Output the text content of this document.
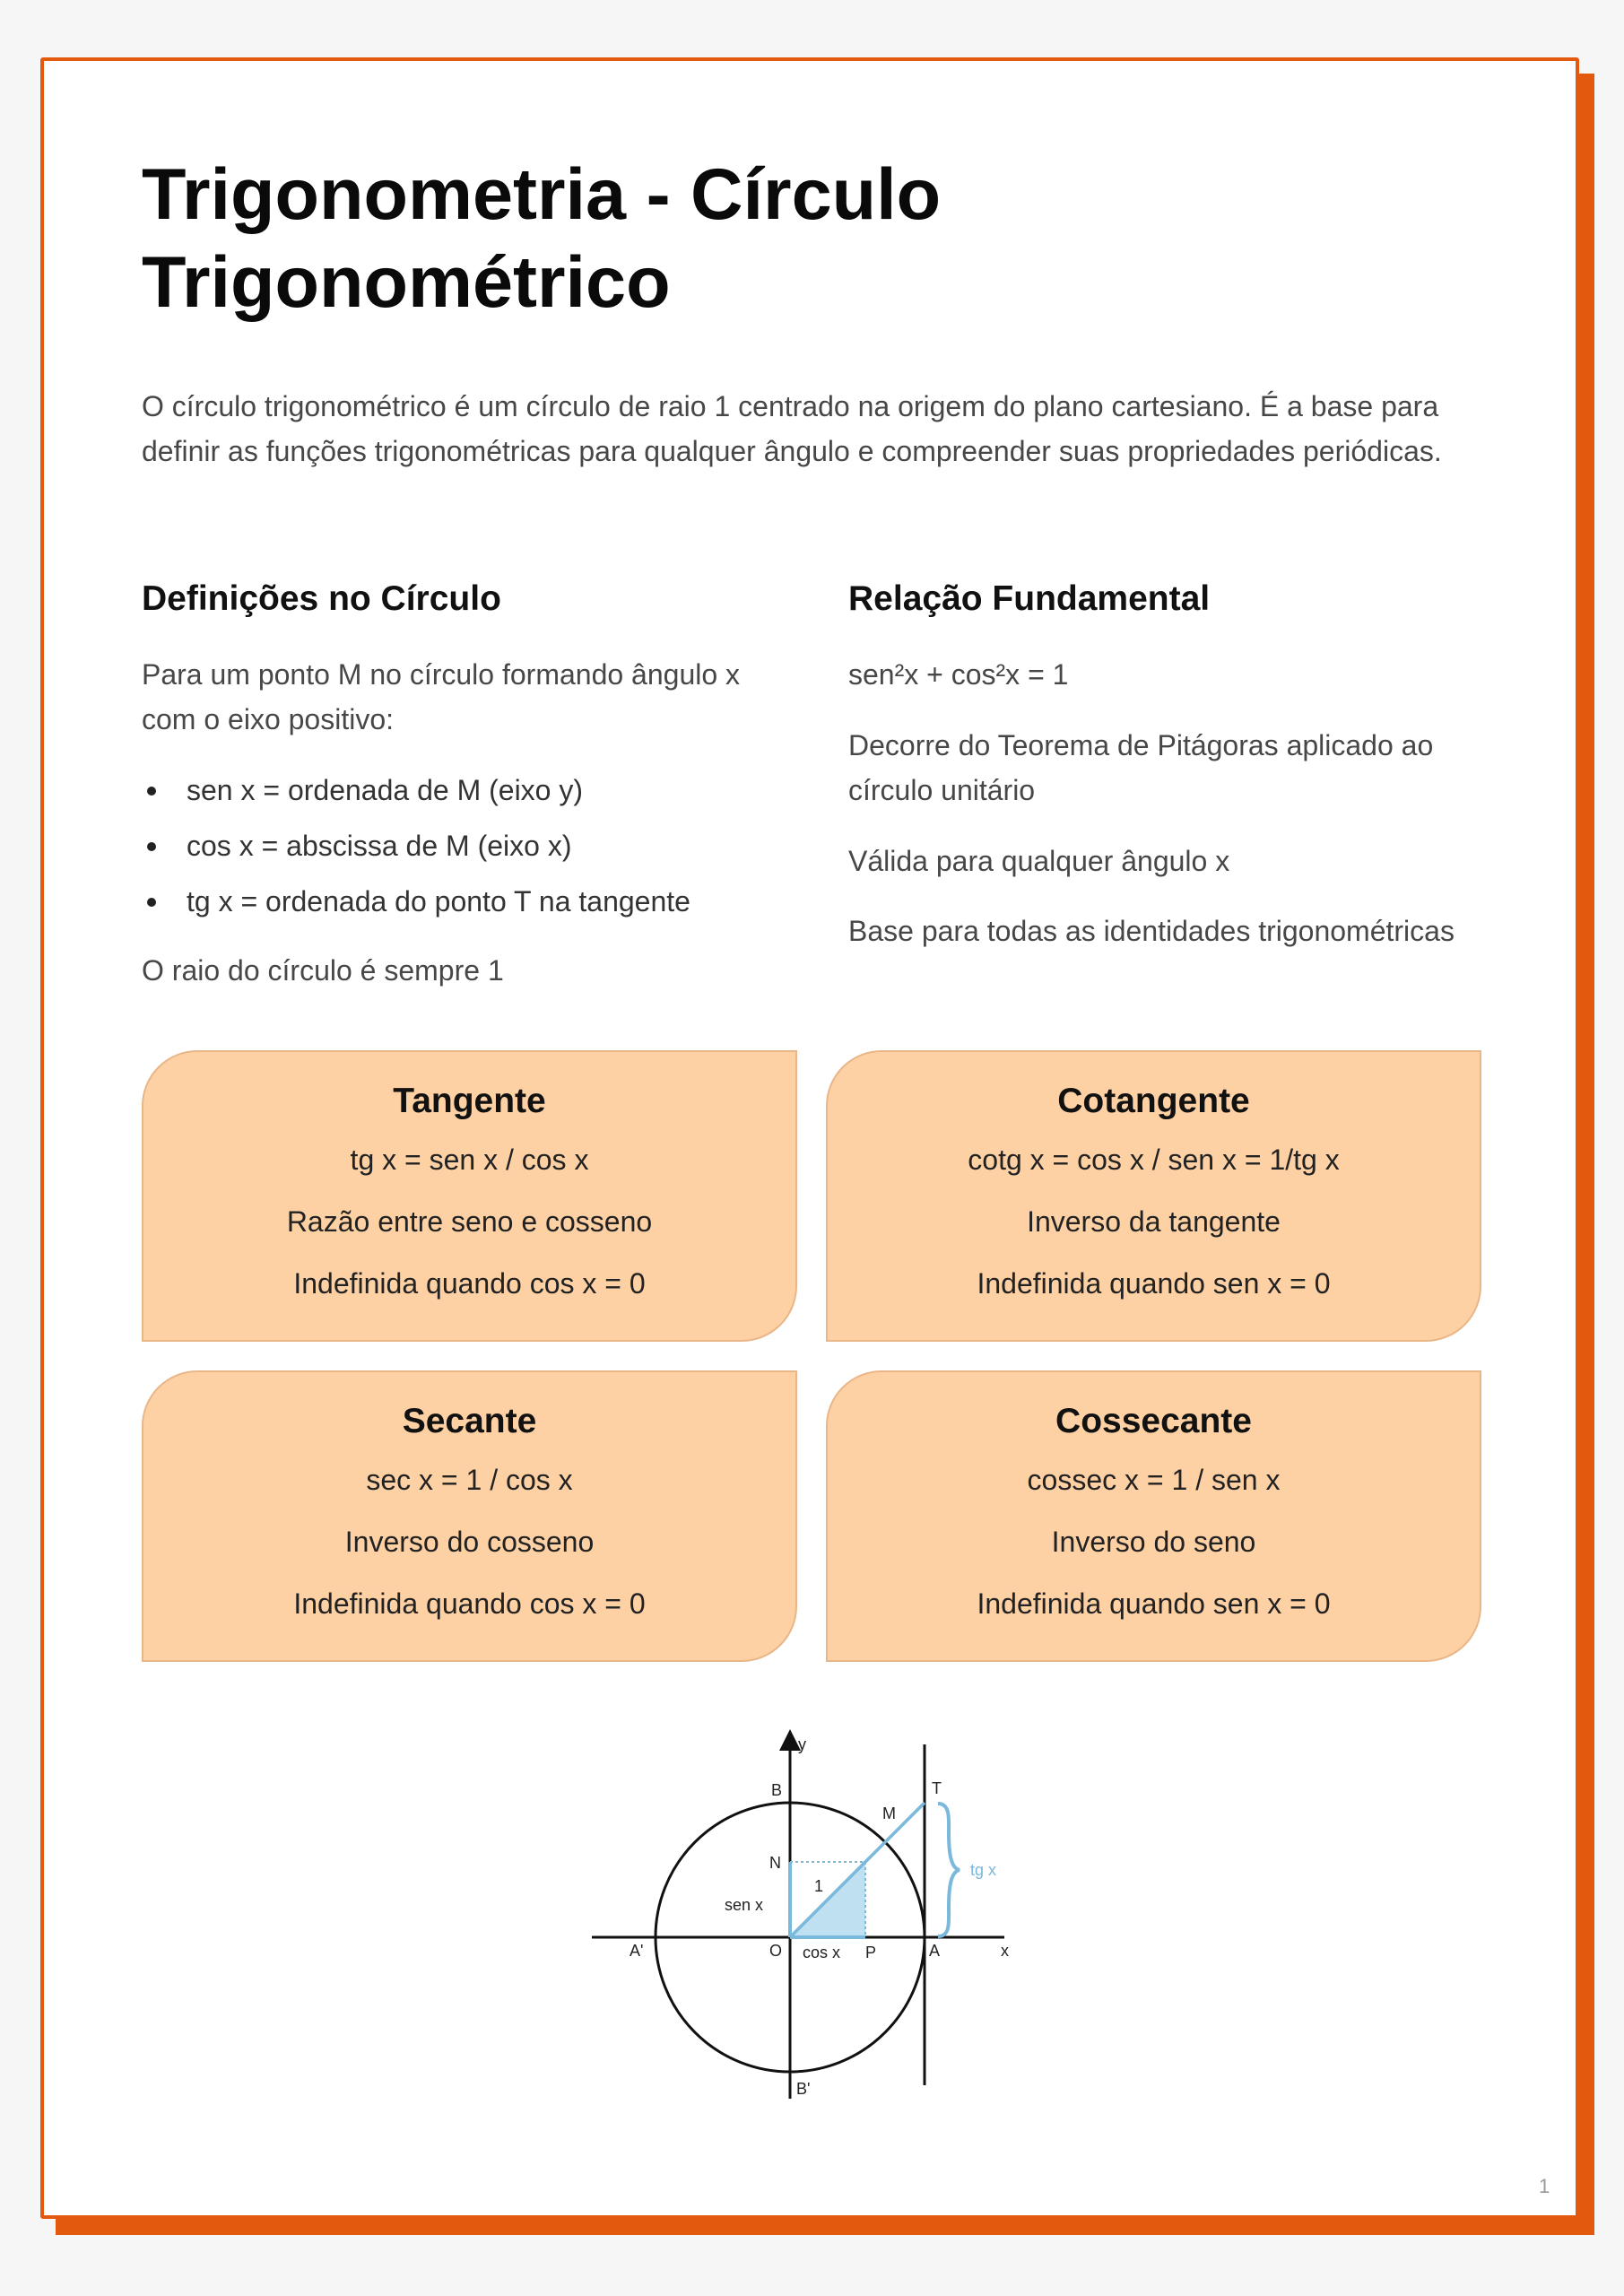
Trigonometria - Círculo Trigonométrico

O círculo trigonométrico é um círculo de raio 1 centrado na origem do plano cartesiano. É a base para definir as funções trigonométricas para qualquer ângulo e compreender suas propriedades periódicas.

Definições no Círculo

Para um ponto M no círculo formando ângulo x com o eixo positivo:

sen x = ordenada de M (eixo y)
cos x = abscissa de M (eixo x)
tg x = ordenada do ponto T na tangente

O raio do círculo é sempre 1

Relação Fundamental

sen²x + cos²x = 1

Decorre do Teorema de Pitágoras aplicado ao círculo unitário

Válida para qualquer ângulo x

Base para todas as identidades trigonométricas

Tangente
tg x = sen x / cos x
Razão entre seno e cosseno
Indefinida quando cos x = 0
Cotangente
cotg x = cos x / sen x = 1/tg x
Inverso da tangente
Indefinida quando sen x = 0
Secante
sec x = 1 / cos x
Inverso do cosseno
Indefinida quando cos x = 0
Cossecante
cossec x = 1 / sen x
Inverso do seno
Indefinida quando sen x = 0
y
x
B
B'
A
A'	O
M
N
P
T
sen x
cos x
1
tg x
1
